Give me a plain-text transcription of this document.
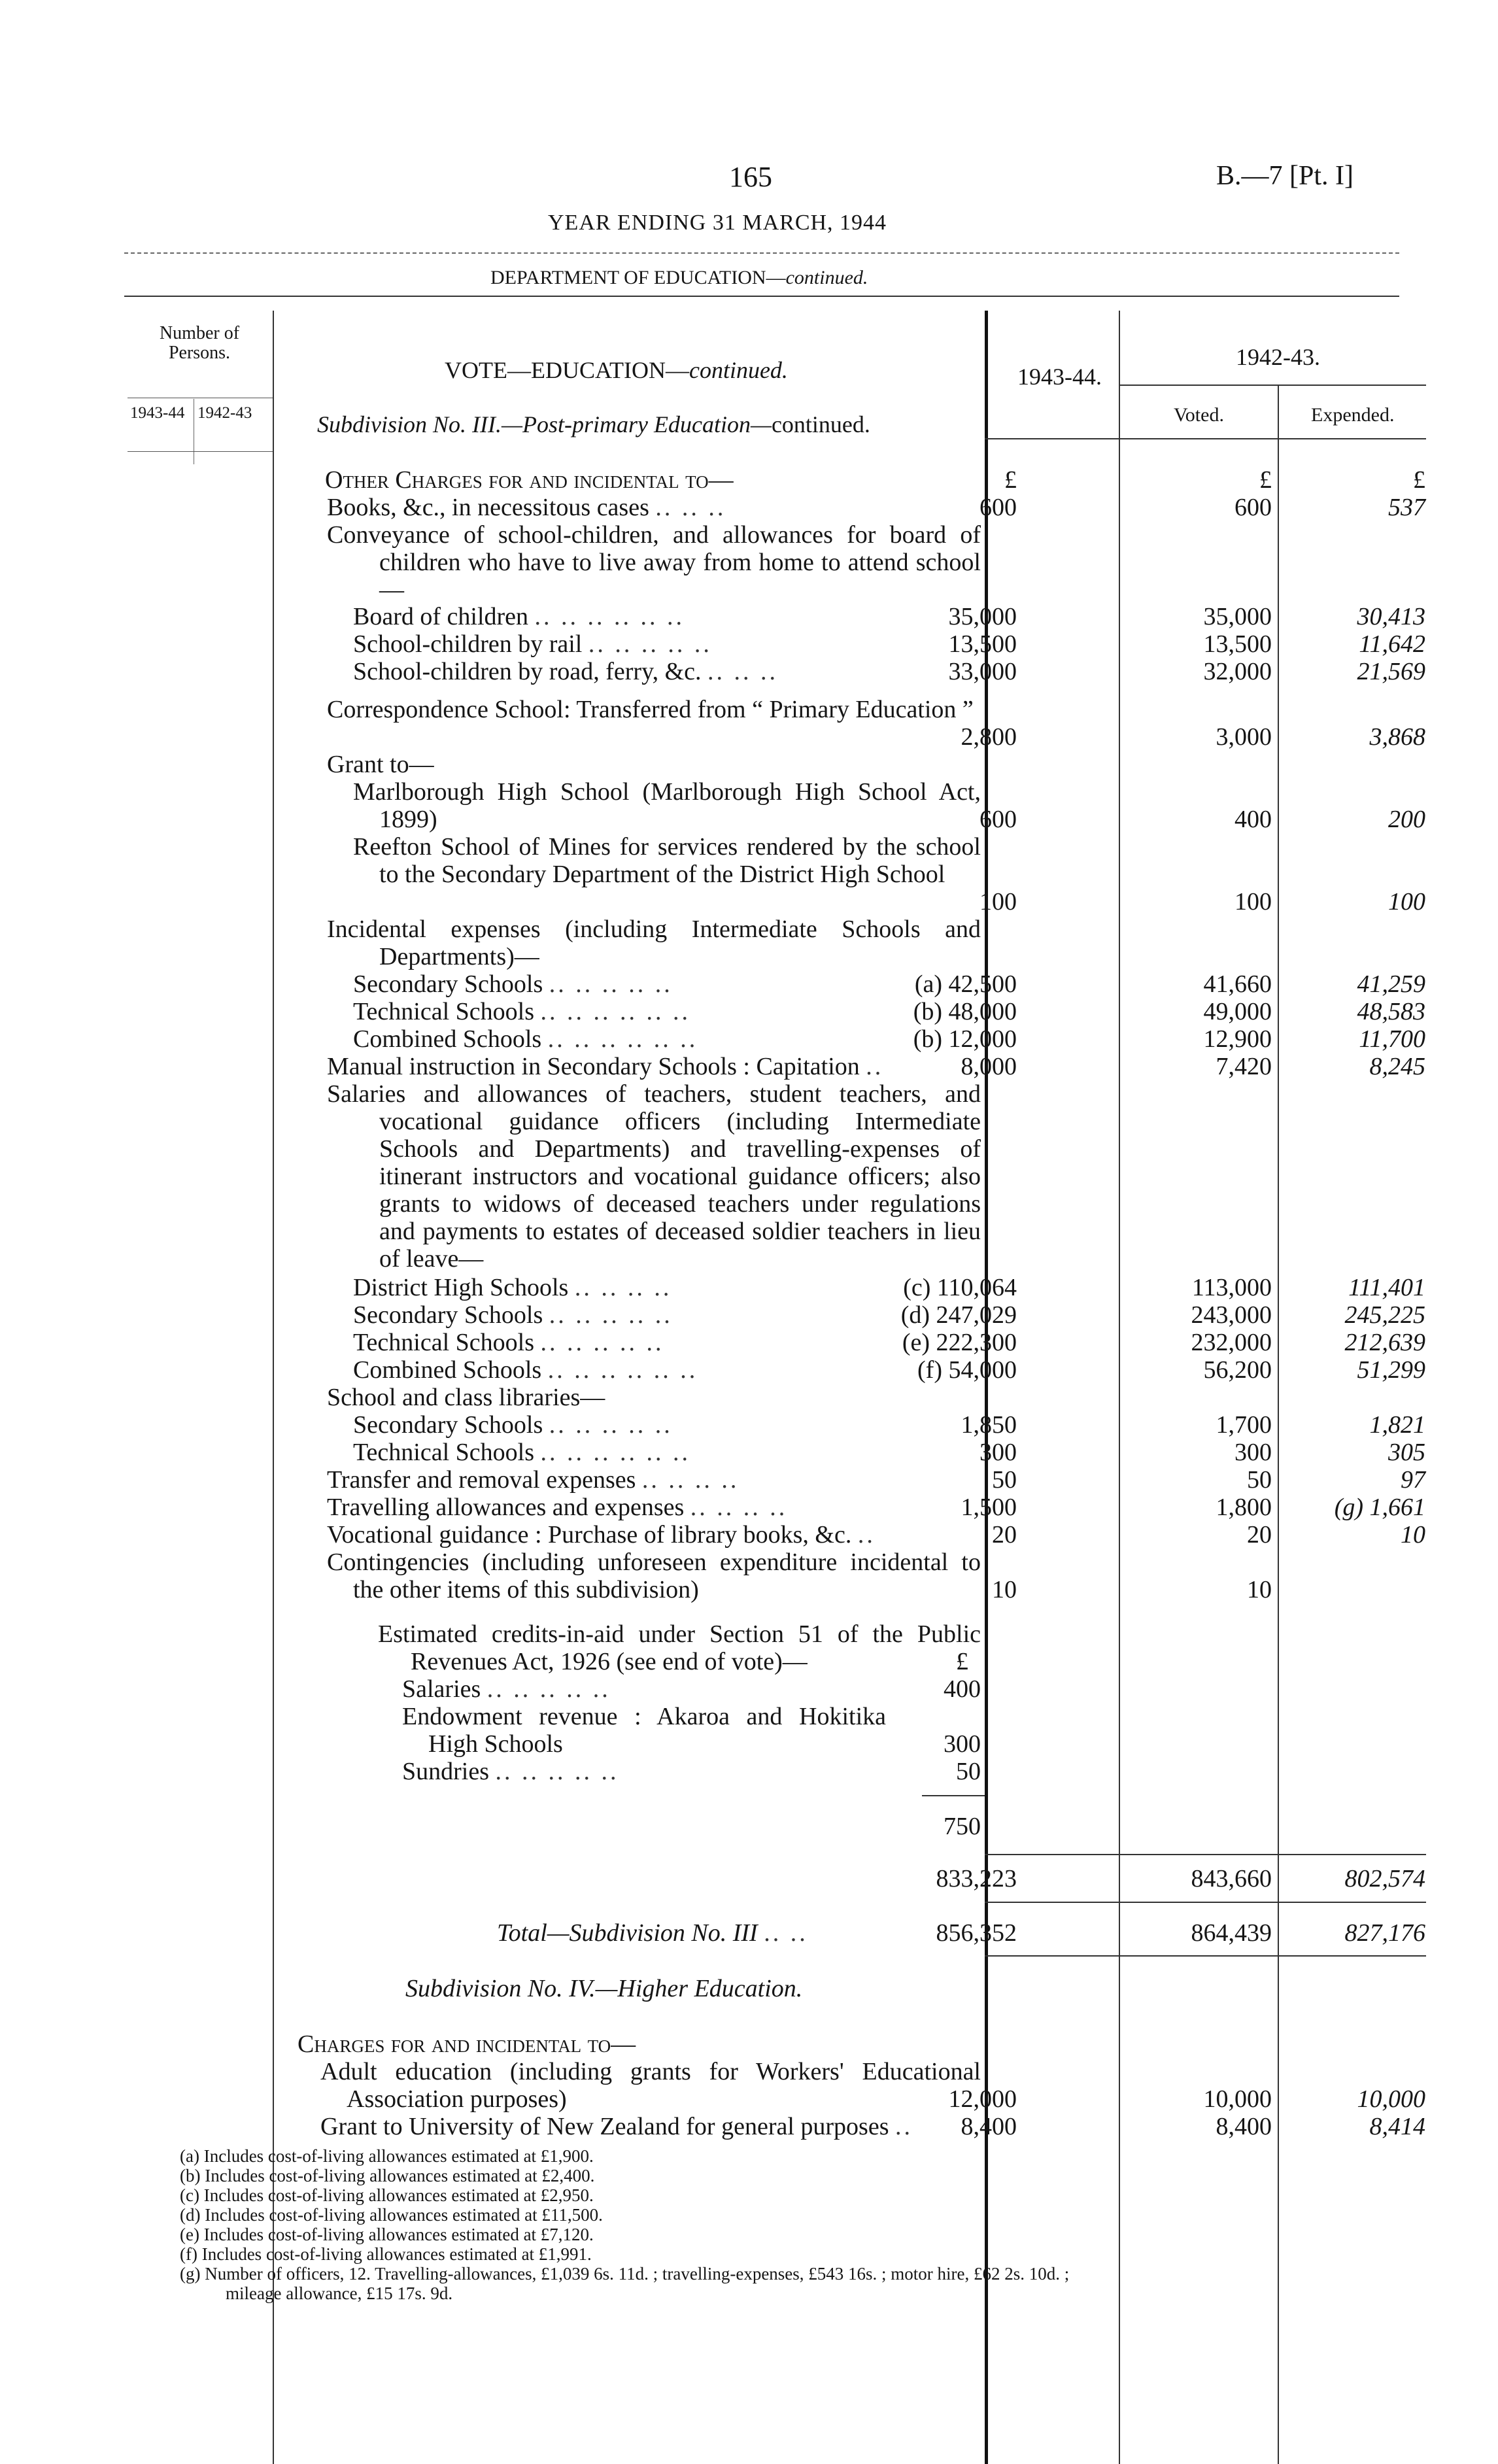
165	B.—7 [Pt. I]
YEAR ENDING 31 MARCH, 1944
DEPARTMENT OF EDUCATION—continued.
Number of Persons.
1943-44 1942-43
VOTE—EDUCATION—continued.
Subdivision No. III.—Post-primary Education—continued.
1943-44.
1942-43.
Voted.	Expended.
Other Charges for and incidental to—	£	£	£
Books, &c., in necessitous cases .. .. ..	600	600	537
Conveyance of school-children, and allowances for board of children who have to live away from home to attend school—
Board of children .. .. .. .. .. ..	35,000	35,000	30,413
School-children by rail .. .. .. .. ..	13,500	13,500	11,642
School-children by road, ferry, &c. .. .. ..	33,000	32,000	21,569
Correspondence School: Transferred from “ Primary Education ”
2,800	3,000	3,868
Grant to—
Marlborough High School (Marlborough High School Act, 1899)	600	400	200
Reefton School of Mines for services rendered by the school to the Secondary Department of the District High School
100	100	100
Incidental expenses (including Intermediate Schools and Departments)—
Secondary Schools .. .. .. .. ..	(a) 42,500	41,660	41,259
Technical Schools .. .. .. .. .. ..	(b) 48,000	49,000	48,583
Combined Schools .. .. .. .. .. ..	(b) 12,000	12,900	11,700
Manual instruction in Secondary Schools : Capitation ..	8,000	7,420	8,245
Salaries and allowances of teachers, student teachers, and vocational guidance officers (including Intermediate Schools and Departments) and travelling-expenses of itinerant instructors and vocational guidance officers; also grants to widows of deceased teachers under regulations and payments to estates of deceased soldier teachers in lieu of leave—
District High Schools .. .. .. ..	(c) 110,064	113,000	111,401
Secondary Schools .. .. .. .. ..	(d) 247,029	243,000	245,225
Technical Schools .. .. .. .. ..	(e) 222,300	232,000	212,639
Combined Schools .. .. .. .. .. ..	(f) 54,000	56,200	51,299
School and class libraries—
Secondary Schools .. .. .. .. ..	1,850	1,700	1,821
Technical Schools .. .. .. .. .. ..	300	300	305
Transfer and removal expenses .. .. .. ..	50	50	97
Travelling allowances and expenses .. .. .. ..	1,500	1,800	(g) 1,661
Vocational guidance : Purchase of library books, &c. ..	20	20	10
Contingencies (including unforeseen expenditure incidental to the other items of this subdivision)	10	10
Estimated credits-in-aid under Section 51 of the Public Revenues Act, 1926 (see end of vote)—	£
Salaries .. .. .. .. ..	400
Endowment revenue : Akaroa and Hokitika High Schools	300
Sundries .. .. .. .. ..	50
750
833,223	843,660	802,574
Total—Subdivision No. III .. ..	856,352	864,439	827,176
Subdivision No. IV.—Higher Education.
Charges for and incidental to—
Adult education (including grants for Workers' Educational Association purposes)	12,000	10,000	10,000
Grant to University of New Zealand for general purposes ..	8,400	8,400	8,414
(a) Includes cost-of-living allowances estimated at £1,900.
(b) Includes cost-of-living allowances estimated at £2,400.
(c) Includes cost-of-living allowances estimated at £2,950.
(d) Includes cost-of-living allowances estimated at £11,500.
(e) Includes cost-of-living allowances estimated at £7,120.
(f) Includes cost-of-living allowances estimated at £1,991.
(g) Number of officers, 12. Travelling-allowances, £1,039 6s. 11d. ; travelling-expenses, £543 16s. ; motor hire, £62 2s. 10d. ;
mileage allowance, £15 17s. 9d.
